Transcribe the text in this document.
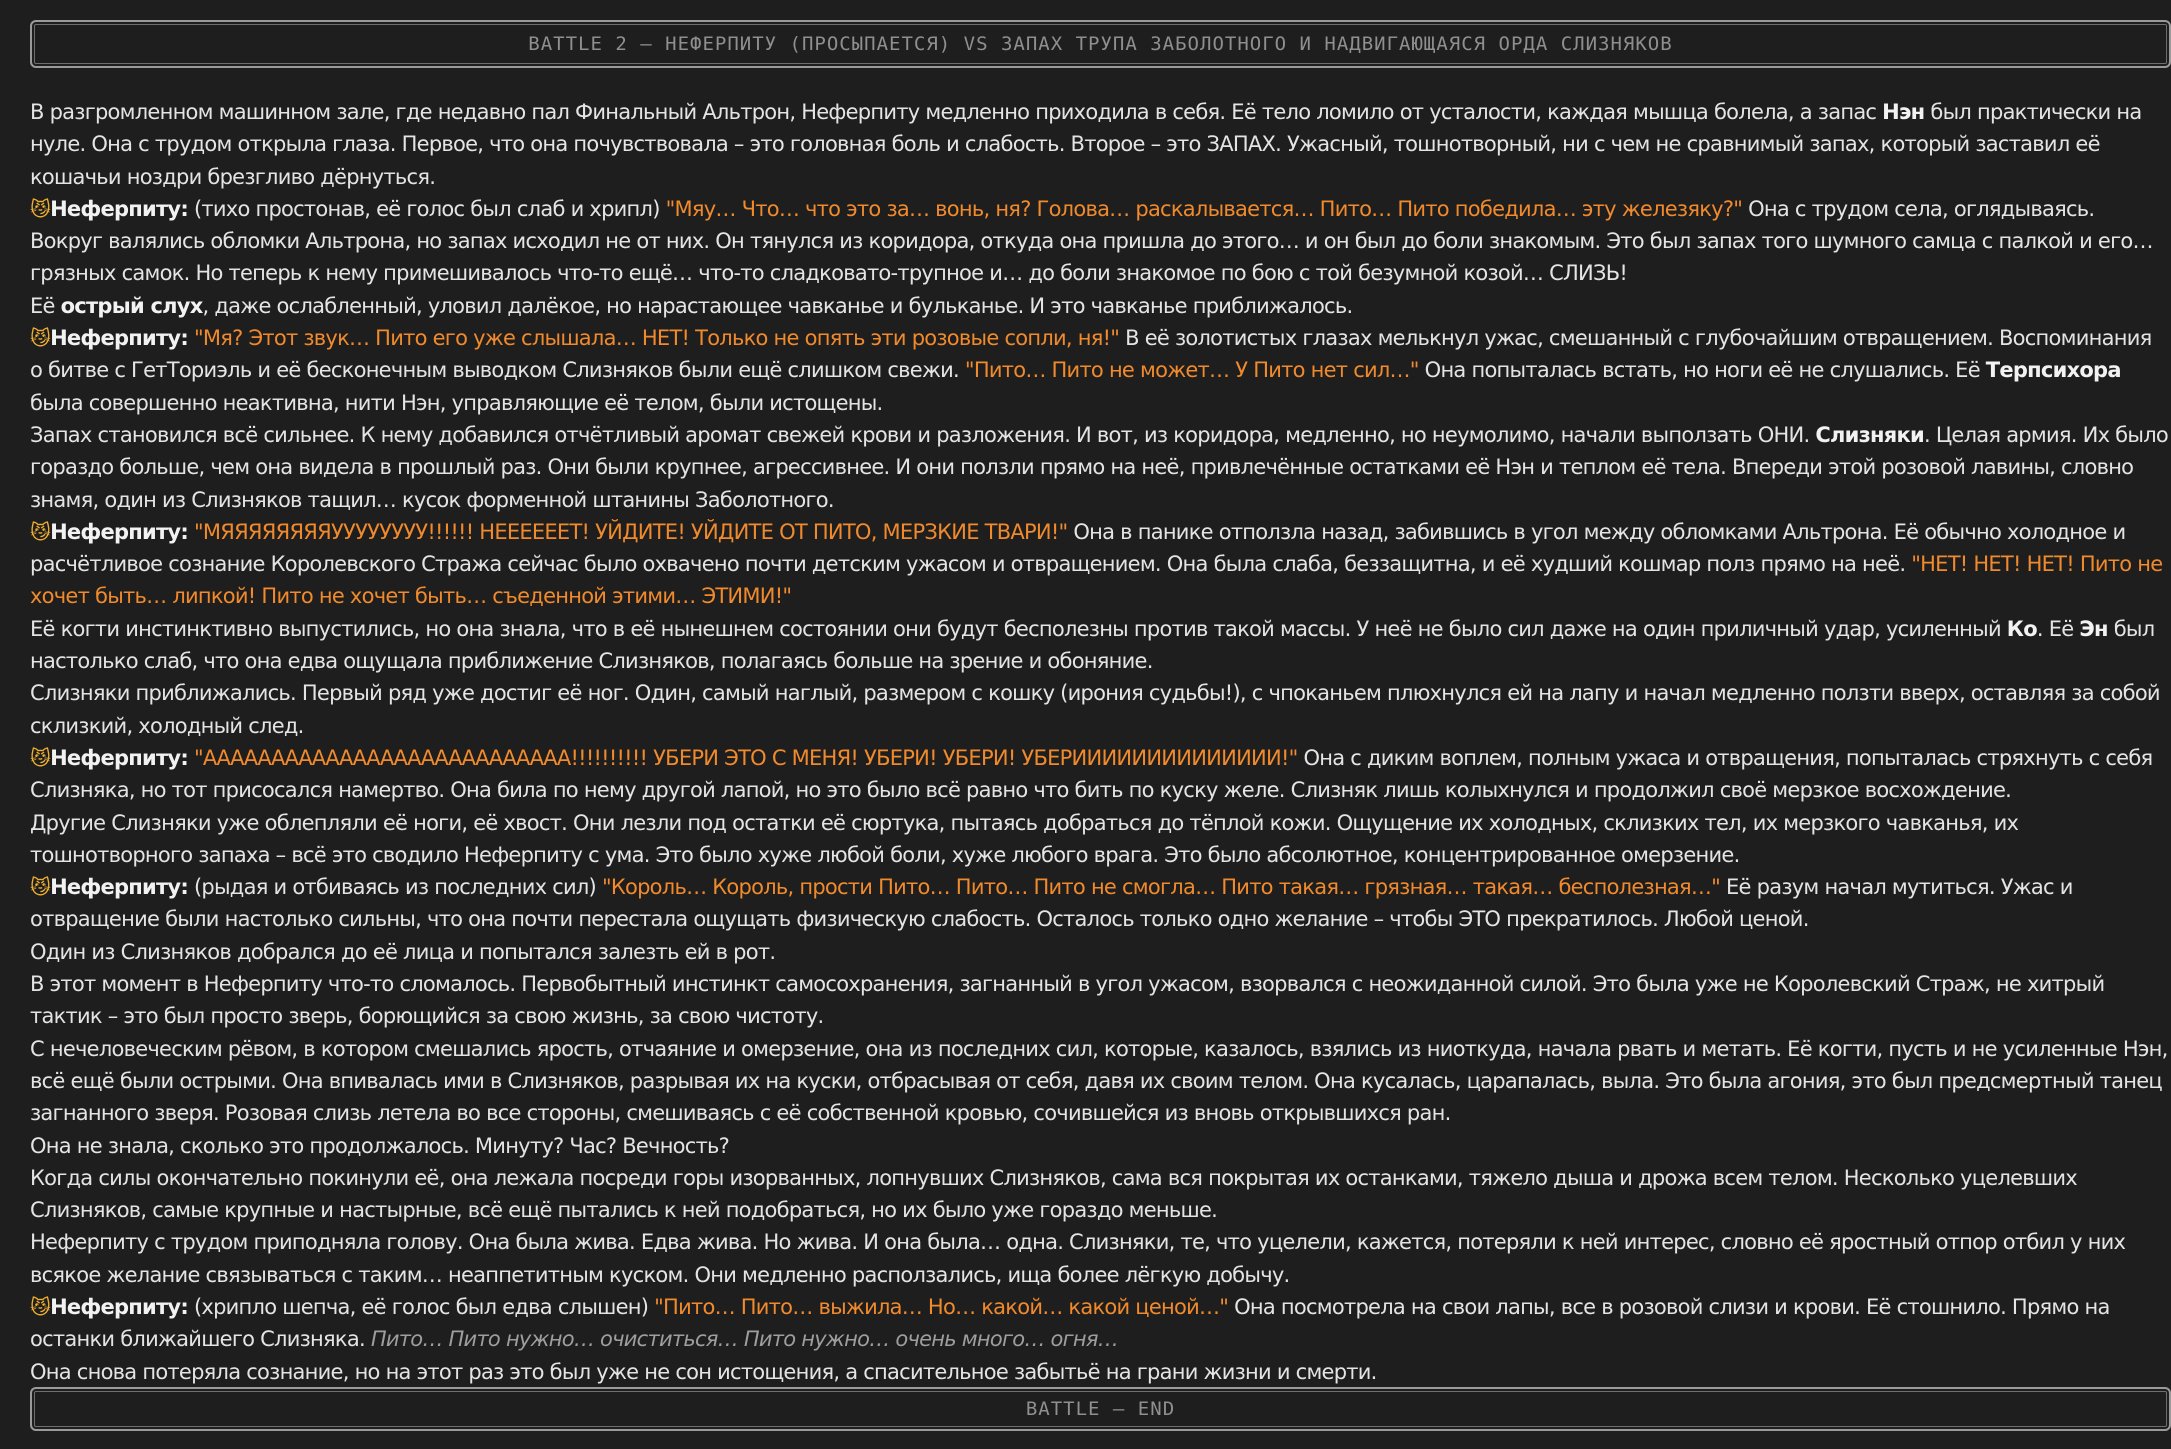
BATTLE 2 – НЕФЕРПИТУ (ПРОСЫПАЕТСЯ) VS ЗАПАХ ТРУПА ЗАБОЛОТНОГО И НАДВИГАЮЩАЯСЯ ОРДА СЛИЗНЯКОВ

В разгромленном машинном зале, где недавно пал Финальный Альтрон, Неферпиту медленно приходила в себя. Её тело ломило от усталости, каждая мышца болела, а запас Нэн был практически на нуле. Она с трудом открыла глаза. Первое, что она почувствовала – это головная боль и слабость. Второе – это ЗАПАХ. Ужасный, тошнотворный, ни с чем не сравнимый запах, который заставил её кошачьи ноздри брезгливо дёрнуться.

😼Неферпиту: (тихо простонав, её голос был слаб и хрипл) "Мяу… Что… что это за… вонь, ня? Голова… раскалывается… Пито… Пито победила… эту железяку?" Она с трудом села, оглядываясь. Вокруг валялись обломки Альтрона, но запах исходил не от них. Он тянулся из коридора, откуда она пришла до этого… и он был до боли знакомым. Это был запах того шумного самца с палкой и его… грязных самок. Но теперь к нему примешивалось что-то ещё… что-то сладковато-трупное и… до боли знакомое по бою с той безумной козой… СЛИЗЬ!

Её острый слух, даже ослабленный, уловил далёкое, но нарастающее чавканье и бульканье. И это чавканье приближалось.

😼Неферпиту: "Мя? Этот звук… Пито его уже слышала… НЕТ! Только не опять эти розовые сопли, ня!" В её золотистых глазах мелькнул ужас, смешанный с глубочайшим отвращением. Воспоминания о битве с ГетТориэль и её бесконечным выводком Слизняков были ещё слишком свежи. "Пито… Пито не может… У Пито нет сил…" Она попыталась встать, но ноги её не слушались. Её Терпсихора была совершенно неактивна, нити Нэн, управляющие её телом, были истощены.

Запах становился всё сильнее. К нему добавился отчётливый аромат свежей крови и разложения. И вот, из коридора, медленно, но неумолимо, начали выползать ОНИ. Слизняки. Целая армия. Их было гораздо больше, чем она видела в прошлый раз. Они были крупнее, агрессивнее. И они ползли прямо на неё, привлечённые остатками её Нэн и теплом её тела. Впереди этой розовой лавины, словно знамя, один из Слизняков тащил… кусок форменной штанины Заболотного.

😼Неферпиту: "МЯЯЯЯЯЯЯЯУУУУУУУУ!!!!!! НЕЕЕЕЕЕТ! УЙДИТЕ! УЙДИТЕ ОТ ПИТО, МЕРЗКИЕ ТВАРИ!" Она в панике отползла назад, забившись в угол между обломками Альтрона. Её обычно холодное и расчётливое сознание Королевского Стража сейчас было охвачено почти детским ужасом и отвращением. Она была слаба, беззащитна, и её худший кошмар полз прямо на неё. "НЕТ! НЕТ! НЕТ! Пито не хочет быть… липкой! Пито не хочет быть… съеденной этими… ЭТИМИ!"

Её когти инстинктивно выпустились, но она знала, что в её нынешнем состоянии они будут бесполезны против такой массы. У неё не было сил даже на один приличный удар, усиленный Ко. Её Эн был настолько слаб, что она едва ощущала приближение Слизняков, полагаясь больше на зрение и обоняние.

Слизняки приближались. Первый ряд уже достиг её ног. Один, самый наглый, размером с кошку (ирония судьбы!), с чпоканьем плюхнулся ей на лапу и начал медленно ползти вверх, оставляя за собой склизкий, холодный след.

😼Неферпиту: "ААААААААААААААААААААААААААА!!!!!!!!!! УБЕРИ ЭТО С МЕНЯ! УБЕРИ! УБЕРИ! УБЕРИИИИИИИИИИИИИИ!" Она с диким воплем, полным ужаса и отвращения, попыталась стряхнуть с себя Слизняка, но тот присосался намертво. Она била по нему другой лапой, но это было всё равно что бить по куску желе. Слизняк лишь колыхнулся и продолжил своё мерзкое восхождение.

Другие Слизняки уже облепляли её ноги, её хвост. Они лезли под остатки её сюртука, пытаясь добраться до тёплой кожи. Ощущение их холодных, склизких тел, их мерзкого чавканья, их тошнотворного запаха – всё это сводило Неферпиту с ума. Это было хуже любой боли, хуже любого врага. Это было абсолютное, концентрированное омерзение.

😼Неферпиту: (рыдая и отбиваясь из последних сил) "Король… Король, прости Пито… Пито… Пито не смогла… Пито такая… грязная… такая… бесполезная…" Её разум начал мутиться. Ужас и отвращение были настолько сильны, что она почти перестала ощущать физическую слабость. Осталось только одно желание – чтобы ЭТО прекратилось. Любой ценой.

Один из Слизняков добрался до её лица и попытался залезть ей в рот.

В этот момент в Неферпиту что-то сломалось. Первобытный инстинкт самосохранения, загнанный в угол ужасом, взорвался с неожиданной силой. Это была уже не Королевский Страж, не хитрый тактик – это был просто зверь, борющийся за свою жизнь, за свою чистоту.

С нечеловеческим рёвом, в котором смешались ярость, отчаяние и омерзение, она из последних сил, которые, казалось, взялись из ниоткуда, начала рвать и метать. Её когти, пусть и не усиленные Нэн, всё ещё были острыми. Она впивалась ими в Слизняков, разрывая их на куски, отбрасывая от себя, давя их своим телом. Она кусалась, царапалась, выла. Это была агония, это был предсмертный танец загнанного зверя. Розовая слизь летела во все стороны, смешиваясь с её собственной кровью, сочившейся из вновь открывшихся ран.

Она не знала, сколько это продолжалось. Минуту? Час? Вечность?

Когда силы окончательно покинули её, она лежала посреди горы изорванных, лопнувших Слизняков, сама вся покрытая их останками, тяжело дыша и дрожа всем телом. Несколько уцелевших Слизняков, самые крупные и настырные, всё ещё пытались к ней подобраться, но их было уже гораздо меньше.

Неферпиту с трудом приподняла голову. Она была жива. Едва жива. Но жива. И она была… одна. Слизняки, те, что уцелели, кажется, потеряли к ней интерес, словно её яростный отпор отбил у них всякое желание связываться с таким… неаппетитным куском. Они медленно расползались, ища более лёгкую добычу.

😼Неферпиту: (хрипло шепча, её голос был едва слышен) "Пито… Пито… выжила… Но… какой… какой ценой…" Она посмотрела на свои лапы, все в розовой слизи и крови. Её стошнило. Прямо на останки ближайшего Слизняка. Пито… Пито нужно… очиститься… Пито нужно… очень много… огня…

Она снова потеряла сознание, но на этот раз это был уже не сон истощения, а спасительное забытьё на грани жизни и смерти.

BATTLE – END
